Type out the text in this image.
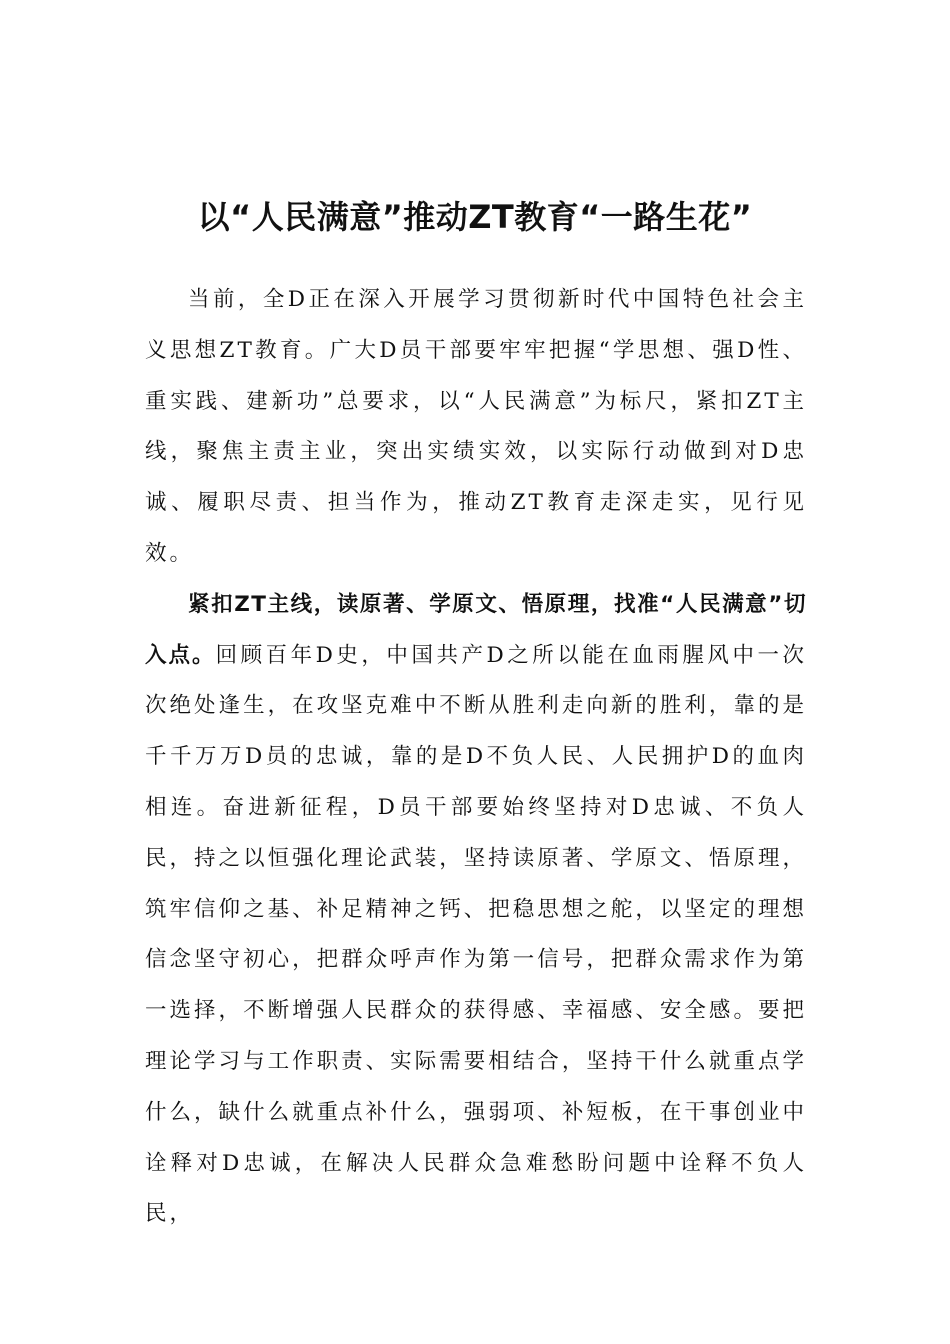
以“人民满意”推动ZT教育“一路生花”

当前，全D正在深入开展学习贯彻新时代中国特色社会主义思想ZT教育。广大D员干部要牢牢把握“学思想、强D性、重实践、建新功”总要求，以“人民满意”为标尺，紧扣ZT主线，聚焦主责主业，突出实绩实效，以实际行动做到对D忠诚、履职尽责、担当作为，推动ZT教育走深走实，见行见效。

紧扣ZT主线，读原著、学原文、悟原理，找准“人民满意”切入点。回顾百年D史，中国共产D之所以能在血雨腥风中一次次绝处逢生，在攻坚克难中不断从胜利走向新的胜利，靠的是千千万万D员的忠诚，靠的是D不负人民、人民拥护D的血肉相连。奋进新征程，D员干部要始终坚持对D忠诚、不负人民，持之以恒强化理论武装，坚持读原著、学原文、悟原理，筑牢信仰之基、补足精神之钙、把稳思想之舵，以坚定的理想信念坚守初心，把群众呼声作为第一信号，把群众需求作为第一选择，不断增强人民群众的获得感、幸福感、安全感。要把理论学习与工作职责、实际需要相结合，坚持干什么就重点学什么，缺什么就重点补什么，强弱项、补短板，在干事创业中诠释对D忠诚，在解决人民群众急难愁盼问题中诠释不负人民，
